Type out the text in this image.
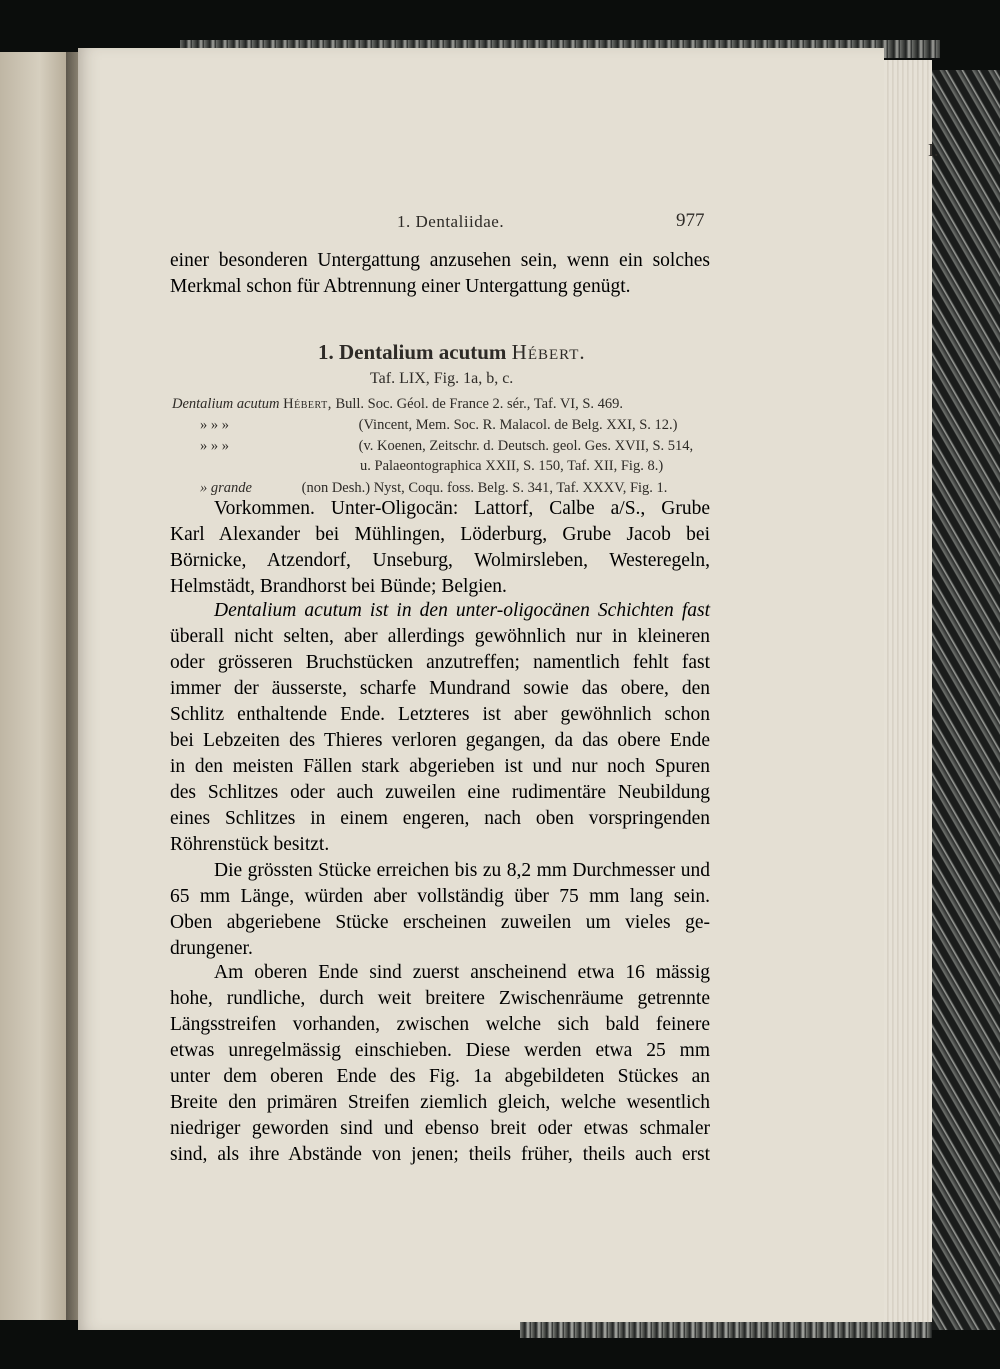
I.
1. Dentaliidae.	977
einer besonderen Untergattung anzusehen sein, wenn ein solches
Merkmal schon für Abtrennung einer Untergattung genügt.
1. Dentalium acutum Hébert.
Taf. LIX, Fig. 1a, b, c.
Dentalium acutum Hébert, Bull. Soc. Géol. de France 2. sér., Taf. VI, S. 469.
» » »	(Vincent, Mem. Soc. R. Malacol. de Belg. XXI, S. 12.)
» » »	(v. Koenen, Zeitschr. d. Deutsch. geol. Ges. XVII, S. 514,
u. Palaeontographica XXII, S. 150, Taf. XII, Fig. 8.)
» grande	(non Desh.) Nyst, Coqu. foss. Belg. S. 341, Taf. XXXV, Fig. 1.
Vorkommen. Unter-Oligocän: Lattorf, Calbe a/S., Grube
Karl Alexander bei Mühlingen, Löderburg, Grube Jacob bei
Börnicke, Atzendorf, Unseburg, Wolmirsleben, Westeregeln,
Helmstädt, Brandhorst bei Bünde; Belgien.
Dentalium acutum ist in den unter-oligocänen Schichten fast
überall nicht selten, aber allerdings gewöhnlich nur in kleineren
oder grösseren Bruchstücken anzutreffen; namentlich fehlt fast
immer der äusserste, scharfe Mundrand sowie das obere, den
Schlitz enthaltende Ende. Letzteres ist aber gewöhnlich schon
bei Lebzeiten des Thieres verloren gegangen, da das obere Ende
in den meisten Fällen stark abgerieben ist und nur noch Spuren
des Schlitzes oder auch zuweilen eine rudimentäre Neubildung
eines Schlitzes in einem engeren, nach oben vorspringenden
Röhrenstück besitzt.
Die grössten Stücke erreichen bis zu 8,2 mm Durchmesser und
65 mm Länge, würden aber vollständig über 75 mm lang sein.
Oben abgeriebene Stücke erscheinen zuweilen um vieles ge-
drungener.
Am oberen Ende sind zuerst anscheinend etwa 16 mässig
hohe, rundliche, durch weit breitere Zwischenräume getrennte
Längsstreifen vorhanden, zwischen welche sich bald feinere
etwas unregelmässig einschieben. Diese werden etwa 25 mm
unter dem oberen Ende des Fig. 1a abgebildeten Stückes an
Breite den primären Streifen ziemlich gleich, welche wesentlich
niedriger geworden sind und ebenso breit oder etwas schmaler
sind, als ihre Abstände von jenen; theils früher, theils auch erst
